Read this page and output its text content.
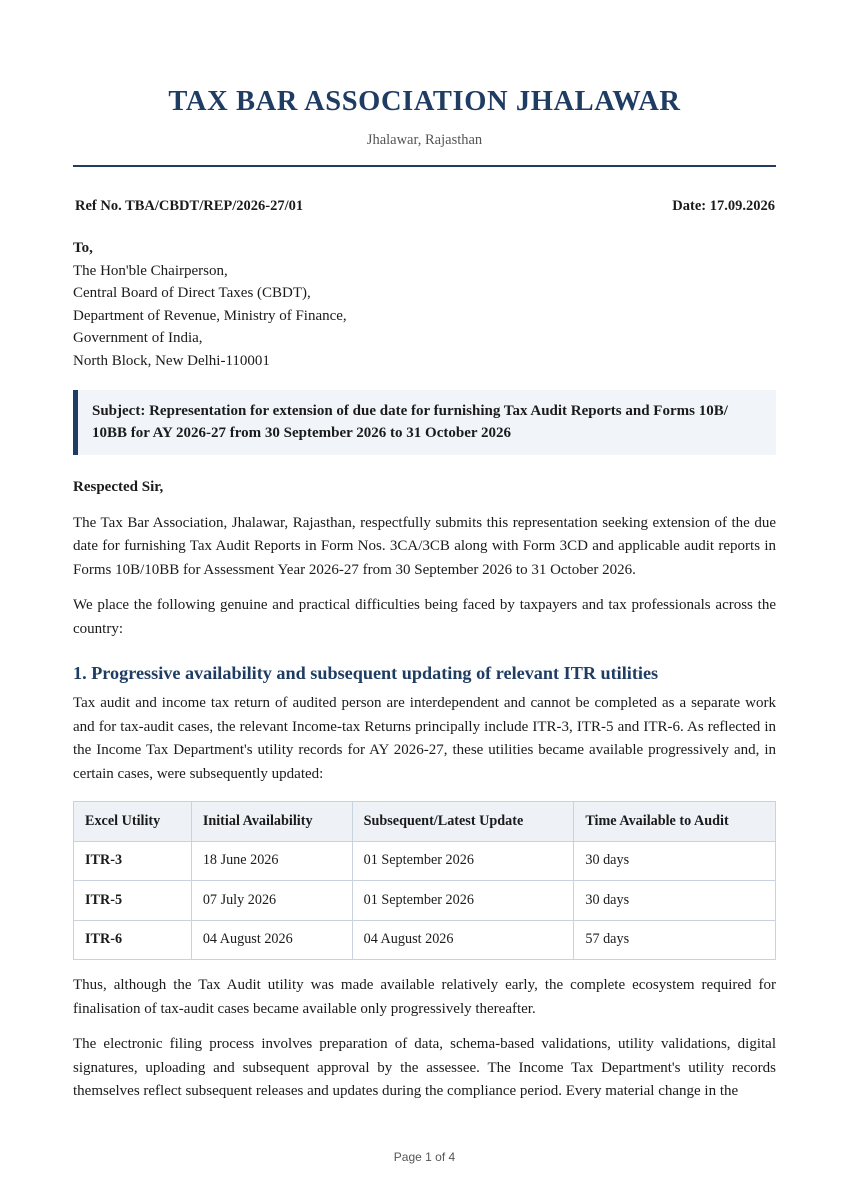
TAX BAR ASSOCIATION JHALAWAR
Jhalawar, Rajasthan
Ref No. TBA/CBDT/REP/2026-27/01	Date: 17.09.2026
To,
The Hon'ble Chairperson,
Central Board of Direct Taxes (CBDT),
Department of Revenue, Ministry of Finance,
Government of India,
North Block, New Delhi-110001
Subject: Representation for extension of due date for furnishing Tax Audit Reports and Forms 10B/ 10BB for AY 2026-27 from 30 September 2026 to 31 October 2026
Respected Sir,

The Tax Bar Association, Jhalawar, Rajasthan, respectfully submits this representation seeking extension of the due date for furnishing Tax Audit Reports in Form Nos. 3CA/3CB along with Form 3CD and applicable audit reports in Forms 10B/10BB for Assessment Year 2026-27 from 30 September 2026 to 31 October 2026.

We place the following genuine and practical difficulties being faced by taxpayers and tax professionals across the country:

1. Progressive availability and subsequent updating of relevant ITR utilities

Tax audit and income tax return of audited person are interdependent and cannot be completed as a separate work and for tax-audit cases, the relevant Income-tax Returns principally include ITR-3, ITR-5 and ITR-6. As reflected in the Income Tax Department's utility records for AY 2026-27, these utilities became available progressively and, in certain cases, were subsequently updated:

Excel Utility	Initial Availability	Subsequent/Latest Update	Time Available to Audit
ITR-3	18 June 2026	01 September 2026	30 days
ITR-5	07 July 2026	01 September 2026	30 days
ITR-6	04 August 2026	04 August 2026	57 days

Thus, although the Tax Audit utility was made available relatively early, the complete ecosystem required for finalisation of tax-audit cases became available only progressively thereafter.

The electronic filing process involves preparation of data, schema-based validations, utility validations, digital signatures, uploading and subsequent approval by the assessee. The Income Tax Department's utility records themselves reflect subsequent releases and updates during the compliance period. Every material change in the

Page 1 of 4
